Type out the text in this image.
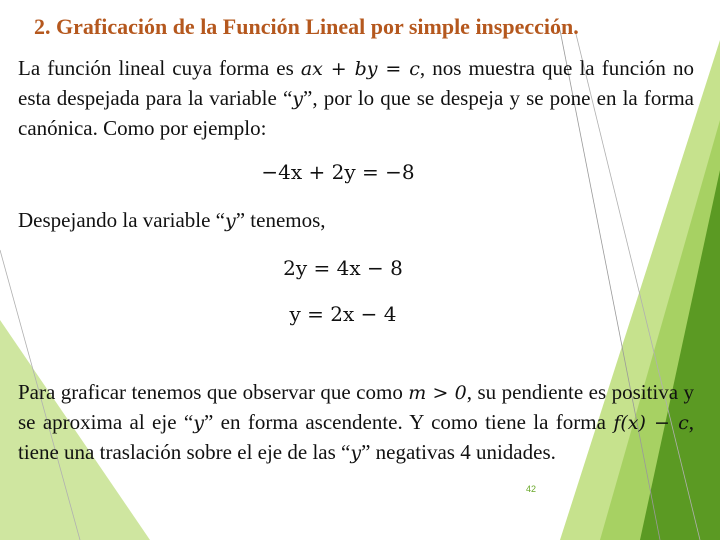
2. Graficación de la Función Lineal por simple inspección.
La función lineal cuya forma es ax + by = c, nos muestra que la función no esta despejada para la variable “y”, por lo que se despeja y se pone en la forma canónica. Como por ejemplo:
−4x + 2y = −8
Despejando la variable “y” tenemos,
2y = 4x − 8
y = 2x − 4
Para graficar tenemos que observar que como m > 0, su pendiente es positiva y se aproxima al eje “y” en forma ascendente. Y como tiene la forma f(x) − c, tiene una traslación sobre el eje de las “y” negativas 4 unidades.
42
